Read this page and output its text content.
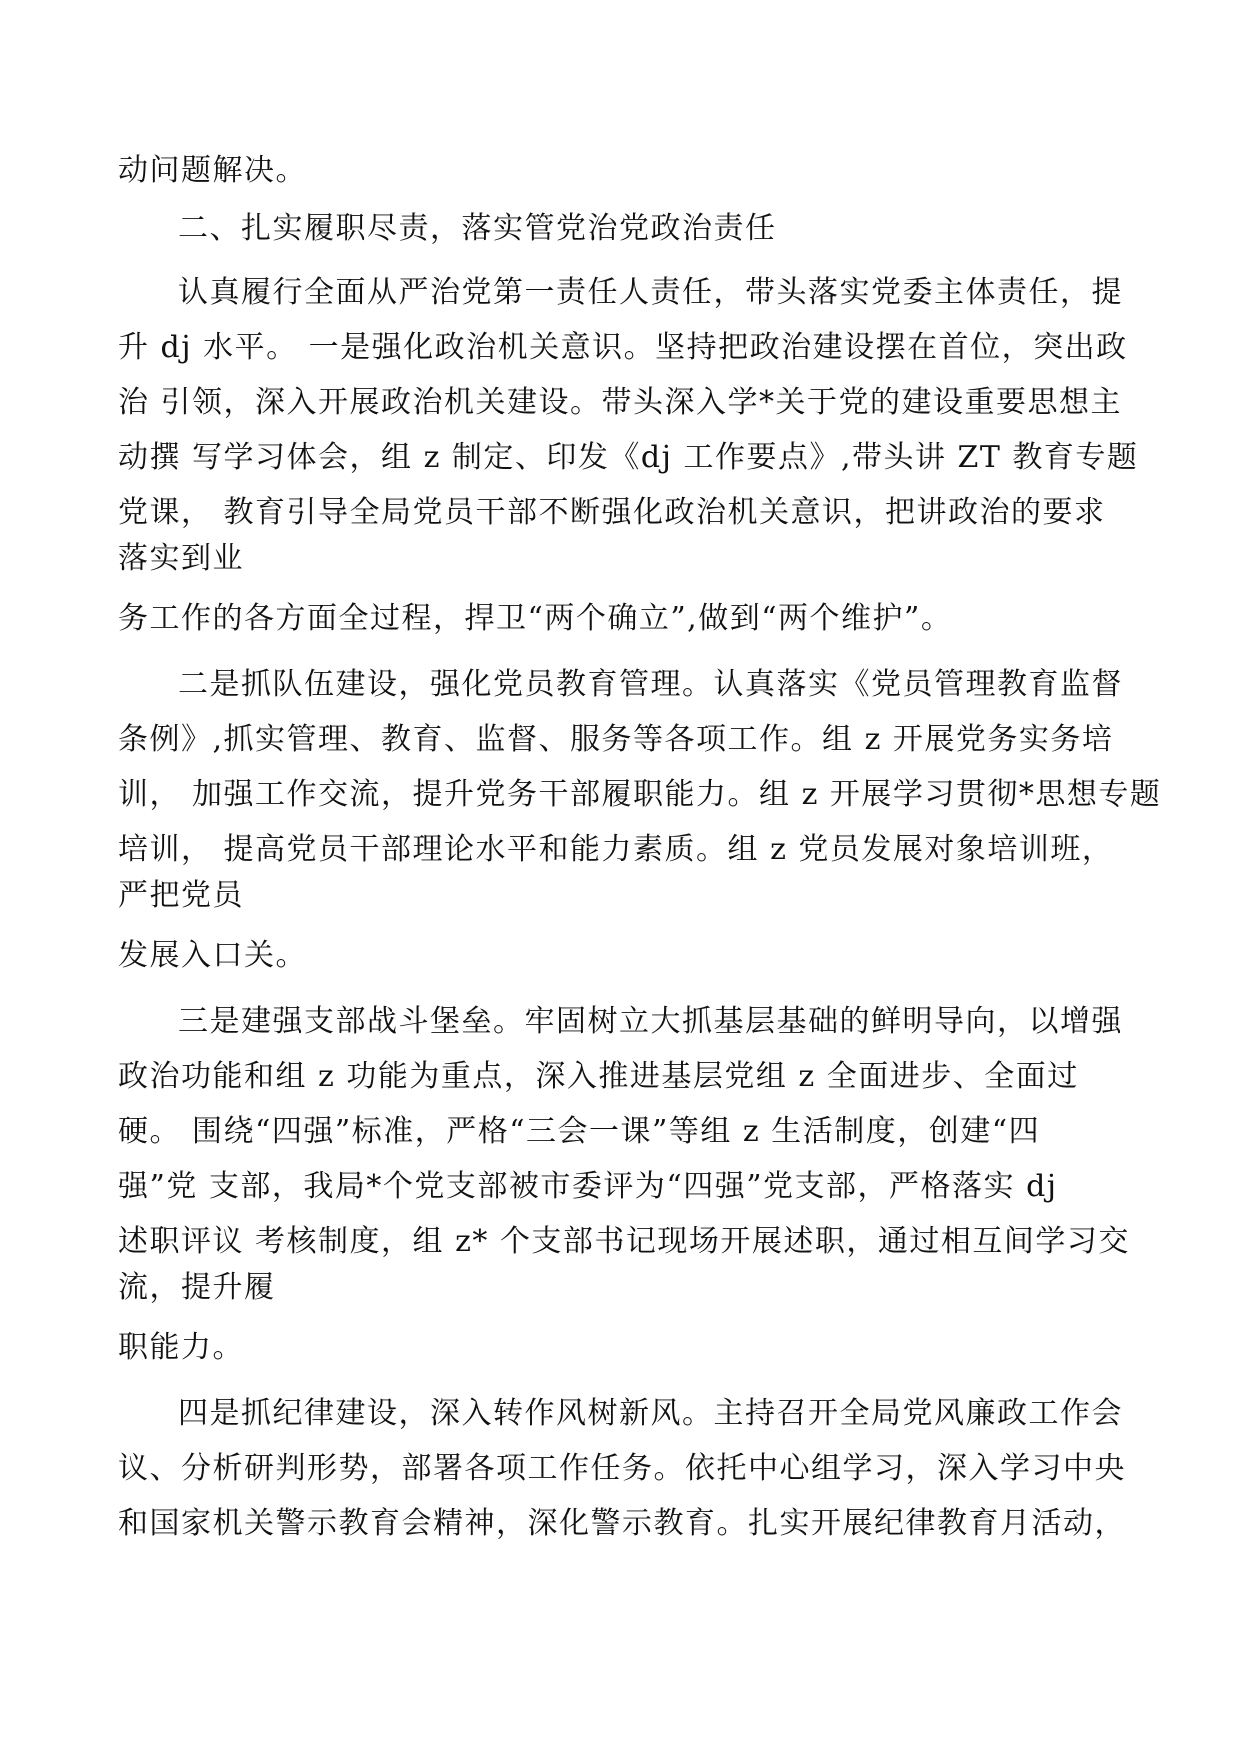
动问题解决。
二、扎实履职尽责，落实管党治党政治责任
认真履行全面从严治党第一责任人责任，带头落实党委主体责任，提
升 dj 水平。 一是强化政治机关意识。坚持把政治建设摆在首位，突出政
治 引领，深入开展政治机关建设。带头深入学*关于党的建设重要思想主
动撰 写学习体会，组 z 制定、印发《dj 工作要点》,带头讲 ZT 教育专题
党课， 教育引导全局党员干部不断强化政治机关意识，把讲政治的要求
落实到业
务工作的各方面全过程，捍卫“两个确立”,做到“两个维护”。
二是抓队伍建设，强化党员教育管理。认真落实《党员管理教育监督
条例》,抓实管理、教育、监督、服务等各项工作。组 z 开展党务实务培
训， 加强工作交流，提升党务干部履职能力。组 z 开展学习贯彻*思想专题
培训， 提高党员干部理论水平和能力素质。组 z 党员发展对象培训班，
严把党员
发展入口关。
三是建强支部战斗堡垒。牢固树立大抓基层基础的鲜明导向，以增强
政治功能和组 z 功能为重点，深入推进基层党组 z 全面进步、全面过
硬。 围绕“四强”标准，严格“三会一课”等组 z 生活制度，创建“四
强”党 支部，我局*个党支部被市委评为“四强”党支部，严格落实 dj
述职评议 考核制度，组 z* 个支部书记现场开展述职，通过相互间学习交
流，提升履
职能力。
四是抓纪律建设，深入转作风树新风。主持召开全局党风廉政工作会
议、分析研判形势，部署各项工作任务。依托中心组学习，深入学习中央
和国家机关警示教育会精神，深化警示教育。扎实开展纪律教育月活动，
